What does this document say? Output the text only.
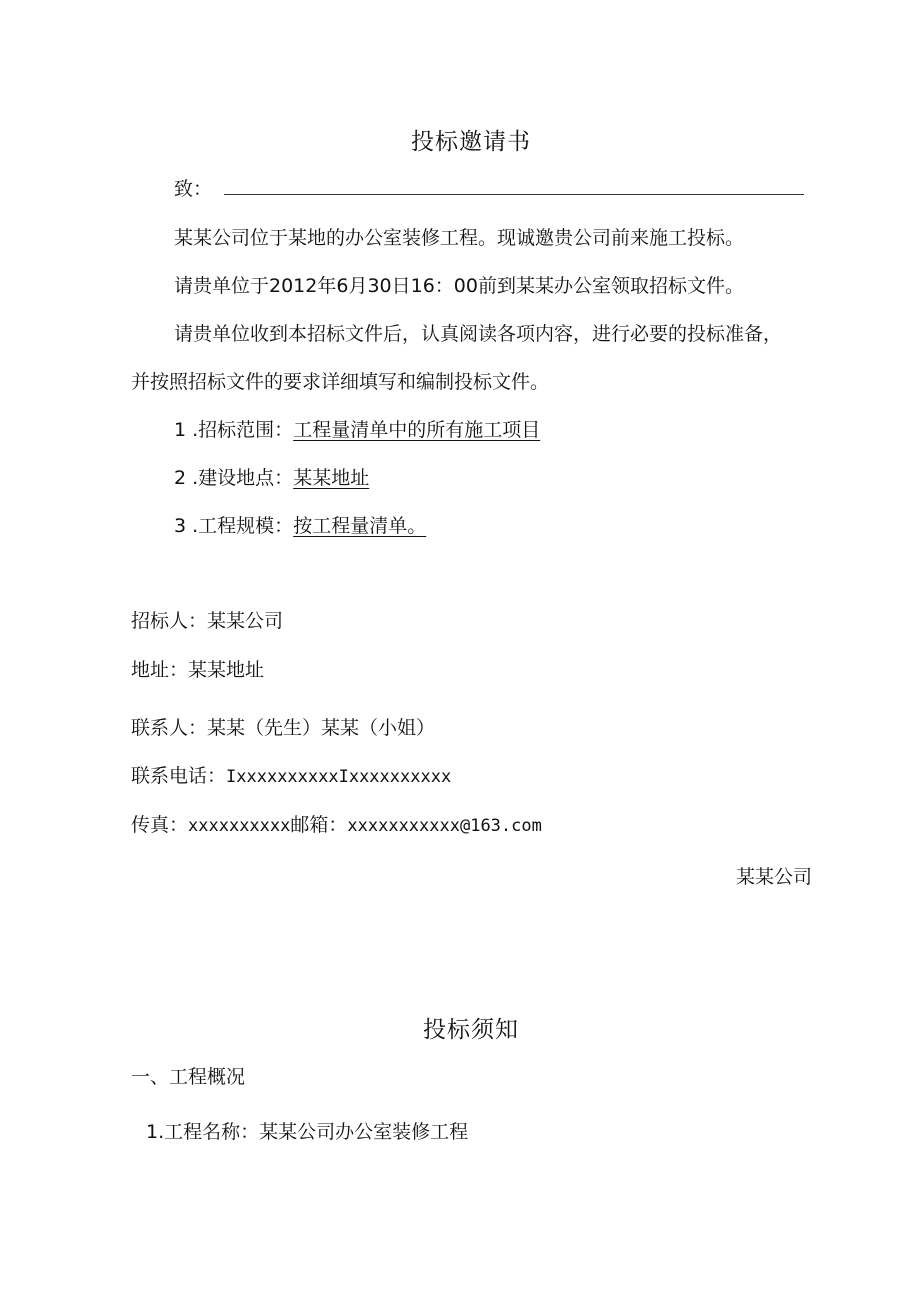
投标邀请书
致：
某某公司位于某地的办公室装修工程。现诚邀贵公司前来施工投标。
请贵单位于2012年6月30日16：00前到某某办公室领取招标文件。
请贵单位收到本招标文件后，认真阅读各项内容，进行必要的投标准备，
并按照招标文件的要求详细填写和编制投标文件。
1 .招标范围：工程量清单中的所有施工项目
2 .建设地点：某某地址
3 .工程规模：按工程量清单。
招标人：某某公司
地址：某某地址
联系人：某某（先生）某某（小姐）
联系电话：IxxxxxxxxxxIxxxxxxxxxx
传真：xxxxxxxxxx邮箱：xxxxxxxxxxx@163.com
某某公司
投标须知
一、工程概况
1.工程名称：某某公司办公室装修工程
